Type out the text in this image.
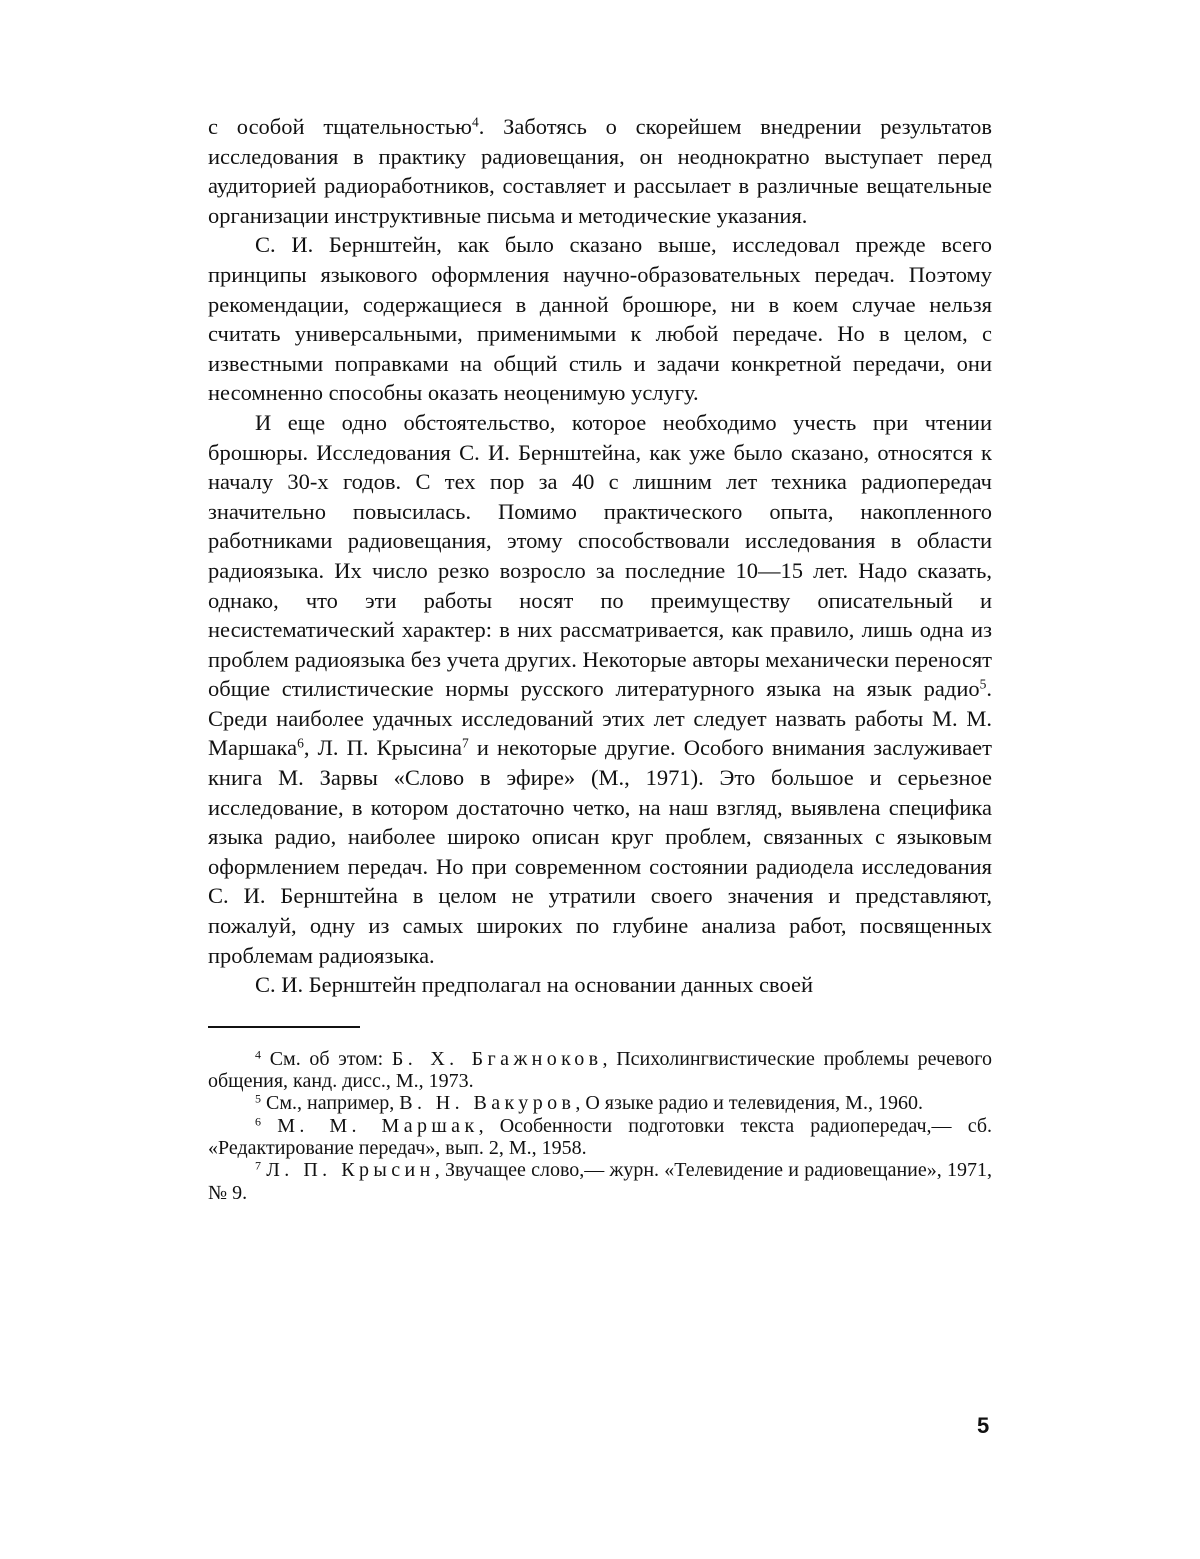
с особой тщательностью$^4$. Заботясь о скорейшем внедрении результатов исследования в практику радиовещания, он неоднократно выступает перед аудиторией радиоработников, составляет и рассылает в различные вещательные организации инструктивные письма и методические указания.

С. И. Бернштейн, как было сказано выше, исследовал прежде всего принципы языкового оформления научно-образовательных передач. Поэтому рекомендации, содержащиеся в данной брошюре, ни в коем случае нельзя считать универсальными, применимыми к любой передаче. Но в целом, с известными поправками на общий стиль и задачи конкретной передачи, они несомненно способны оказать неоценимую услугу.

И еще одно обстоятельство, которое необходимо учесть при чтении брошюры. Исследования С. И. Бернштейна, как уже было сказано, относятся к началу 30-х годов. С тех пор за 40 с лишним лет техника радиопередач значительно повысилась. Помимо практического опыта, накопленного работниками радиовещания, этому способствовали исследования в области радиоязыка. Их число резко возросло за последние 10—15 лет. Надо сказать, однако, что эти работы носят по преимуществу описательный и несистематический характер: в них рассматривается, как правило, лишь одна из проблем радиоязыка без учета других. Некоторые авторы механически переносят общие стилистические нормы русского литературного языка на язык радио$^5$. Среди наиболее удачных исследований этих лет следует назвать работы М. М. Маршака$^6$, Л. П. Крысина$^7$ и некоторые другие. Особого внимания заслуживает книга М. Зарвы «Слово в эфире» (М., 1971). Это большое и серьезное исследование, в котором достаточно четко, на наш взгляд, выявлена специфика языка радио, наиболее широко описан круг проблем, связанных с языковым оформлением передач. Но при современном состоянии радиодела исследования С. И. Бернштейна в целом не утратили своего значения и представляют, пожалуй, одну из самых широких по глубине анализа работ, посвященных проблемам радиоязыка.

С. И. Бернштейн предполагал на основании данных своей

$^4$ См. об этом: Б. Х. Бгажноков, Психолингвистические проблемы речевого общения, канд. дисс., М., 1973.

$^5$ См., например, В. Н. Вакуров, О языке радио и телевидения, М., 1960.

$^6$ М. М. Маршак, Особенности подготовки текста радиопередач,— сб. «Редактирование передач», вып. 2, М., 1958.

$^7$ Л. П. Крысин, Звучащее слово,— журн. «Телевидение и радиовещание», 1971, № 9.

5
